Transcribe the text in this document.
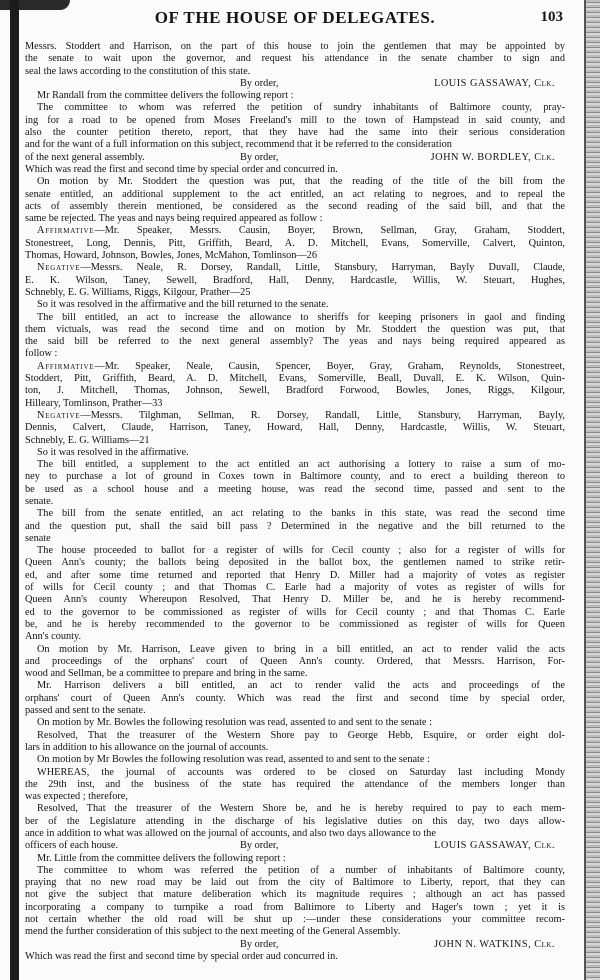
OF THE HOUSE OF DELEGATES.	103
Messrs. Stoddert and Harrison, on the part of this house to join the gentlemen that may be appointed by
the senate to wait upon the governor, and request his attendance in the senate chamber to sign and
seal the laws according to the constitution of this state.
By order,	LOUIS GASSAWAY, Clk.
Mr Randall from the committee delivers the following report :
The committee to whom was referred the petition of sundry inhabitants of Baltimore county, pray-
ing for a road to be opened from Moses Freeland's mill to the town of Hampstead in said county, and
also the counter petition thereto, report, that they have had the same into their serious consideration
and for the want of a full information on this subject, recommend that it be referred to the consideration
of the next general assembly.	By order,	JOHN W. BORDLEY, Clk.
Which was read the first and second time by special order and concurred in.
On motion by Mr. Stoddert the question was put, that the reading of the title of the bill from the
senate entitled, an additional supplement to the act entitled, an act relating to negroes, and to repeal the
acts of assembly therein mentioned, be considered as the second reading of the said bill, and that the
same be rejected. The yeas and nays being required appeared as follow :
Affirmative—Mr. Speaker, Messrs. Causin, Boyer, Brown, Sellman, Gray, Graham, Stoddert,
Stonestreet, Long, Dennis, Pitt, Griffith, Beard, A. D. Mitchell, Evans, Somerville, Calvert, Quinton,
Thomas, Howard, Johnson, Bowles, Jones, McMahon, Tomlinson—26
Negative—Messrs. Neale, R. Dorsey, Randall, Little, Stansbury, Harryman, Bayly Duvall, Claude,
E. K. Wilson, Taney, Sewell, Bradford, Hall, Denny, Hardcastle, Willis, W. Steuart, Hughes,
Schnebly, E. G. Williams, Riggs, Kilgour, Prather—25
So it was resolved in the affirmative and the bill returned to the senate.
The bill entitled, an act to increase the allowance to sheriffs for keeping prisoners in gaol and finding
them victuals, was read the second time and on motion by Mr. Stoddert the question was put, that
the said bill be referred to the next general assembly? The yeas and nays being required appeared as
follow :
Affirmative—Mr. Speaker, Neale, Causin, Spencer, Boyer, Gray, Graham, Reynolds, Stonestreet,
Stoddert, Pitt, Griffith, Beard, A. D. Mitchell, Evans, Somerville, Beall, Duvall, E. K. Wilson, Quin-
ton, J. Mitchell, Thomas, Johnson, Sewell, Bradford Forwood, Bowles, Jones, Riggs, Kilgour,
Hilleary, Tomlinson, Prather—33
Negative—Messrs. Tilghman, Sellman, R. Dorsey, Randall, Little, Stansbury, Harryman, Bayly,
Dennis, Calvert, Claude, Harrison, Taney, Howard, Hall, Denny, Hardcastle, Willis, W. Steuart,
Schnebly, E. G. Williams—21
So it was resolved in the affirmative.
The bill entitled, a supplement to the act entitled an act authorising a lottery to raise a sum of mo-
ney to purchase a lot of ground in Coxes town in Baltimore county, and to erect a building thereon to
be used as a school house and a meeting house, was read the second time, passed and sent to the
senate.
The bill from the senate entitled, an act relating to the banks in this state, was read the second time
and the question put, shall the said bill pass ? Determined in the negative and the bill returned to the
senate
The house proceeded to ballot for a register of wills for Cecil county ; also for a register of wills for
Queen Ann's county; the ballots being deposited in the ballot box, the gentlemen named to strike retir-
ed, and after some time returned and reported that Henry D. Miller had a majority of votes as register
of wills for Cecil county ; and that Thomas C. Earle had a majority of votes as register of wills for
Queen Ann's county Whereupon Resolved, That Henry D. Miller be, and he is hereby recommend-
ed to the governor to be commissioned as register of wills for Cecil county ; and that Thomas C. Earle
be, and he is hereby recommended to the governor to be commissioned as register of wills for Queen
Ann's county.
On motion by Mr. Harrison, Leave given to bring in a bill entitled, an act to render valid the acts
and proceedings of the orphans' court of Queen Ann's county. Ordered, that Messrs. Harrison, For-
wood and Sellman, be a committee to prepare and bring in the same.
Mr. Harrison delivers a bill entitled, an act to render valid the acts and proceedings of the
orphans' court of Queen Ann's county. Which was read the first and second time by special order,
passed and sent to the senate.
On motion by Mr. Bowles the following resolution was read, assented to and sent to the senate :
Resolved, That the treasurer of the Western Shore pay to George Hebb, Esquire, or order eight dol-
lars in addition to his allowance on the journal of accounts.
On motion by Mr Bowles the following resolution was read, assented to and sent to the senate :
WHEREAS, the journal of accounts was ordered to be closed on Saturday last including Mondy
the 29th inst, and the business of the state has required the attendance of the members longer than
was expected ; therefore,
Resolved, That the treasurer of the Western Shore be, and he is hereby required to pay to each mem-
ber of the Legislature attending in the discharge of his legislative duties on this day, two days allow-
ance in addition to what was allowed on the journal of accounts, and also two days allowance to the
officers of each house.	By order,	LOUIS GASSAWAY, Clk.
Mr. Little from the committee delivers the following report :
The committee to whom was referred the petition of a number of inhabitants of Baltimore county,
praying that no new road may be laid out from the city of Baltimore to Liberty, report, that they can
not give the subject that mature deliberation which its magnitude requires ; although an act has passed
incorporating a company to turnpike a road from Baltimore to Liberty and Hager's town ; yet it is
not certain whether the old road will be shut up :—under these considerations your committee recom-
mend the further consideration of this subject to the next meeting of the General Assembly.
By order,	JOHN N. WATKINS, Clk.
Which was read the first and second time by special order aud concurred in.
